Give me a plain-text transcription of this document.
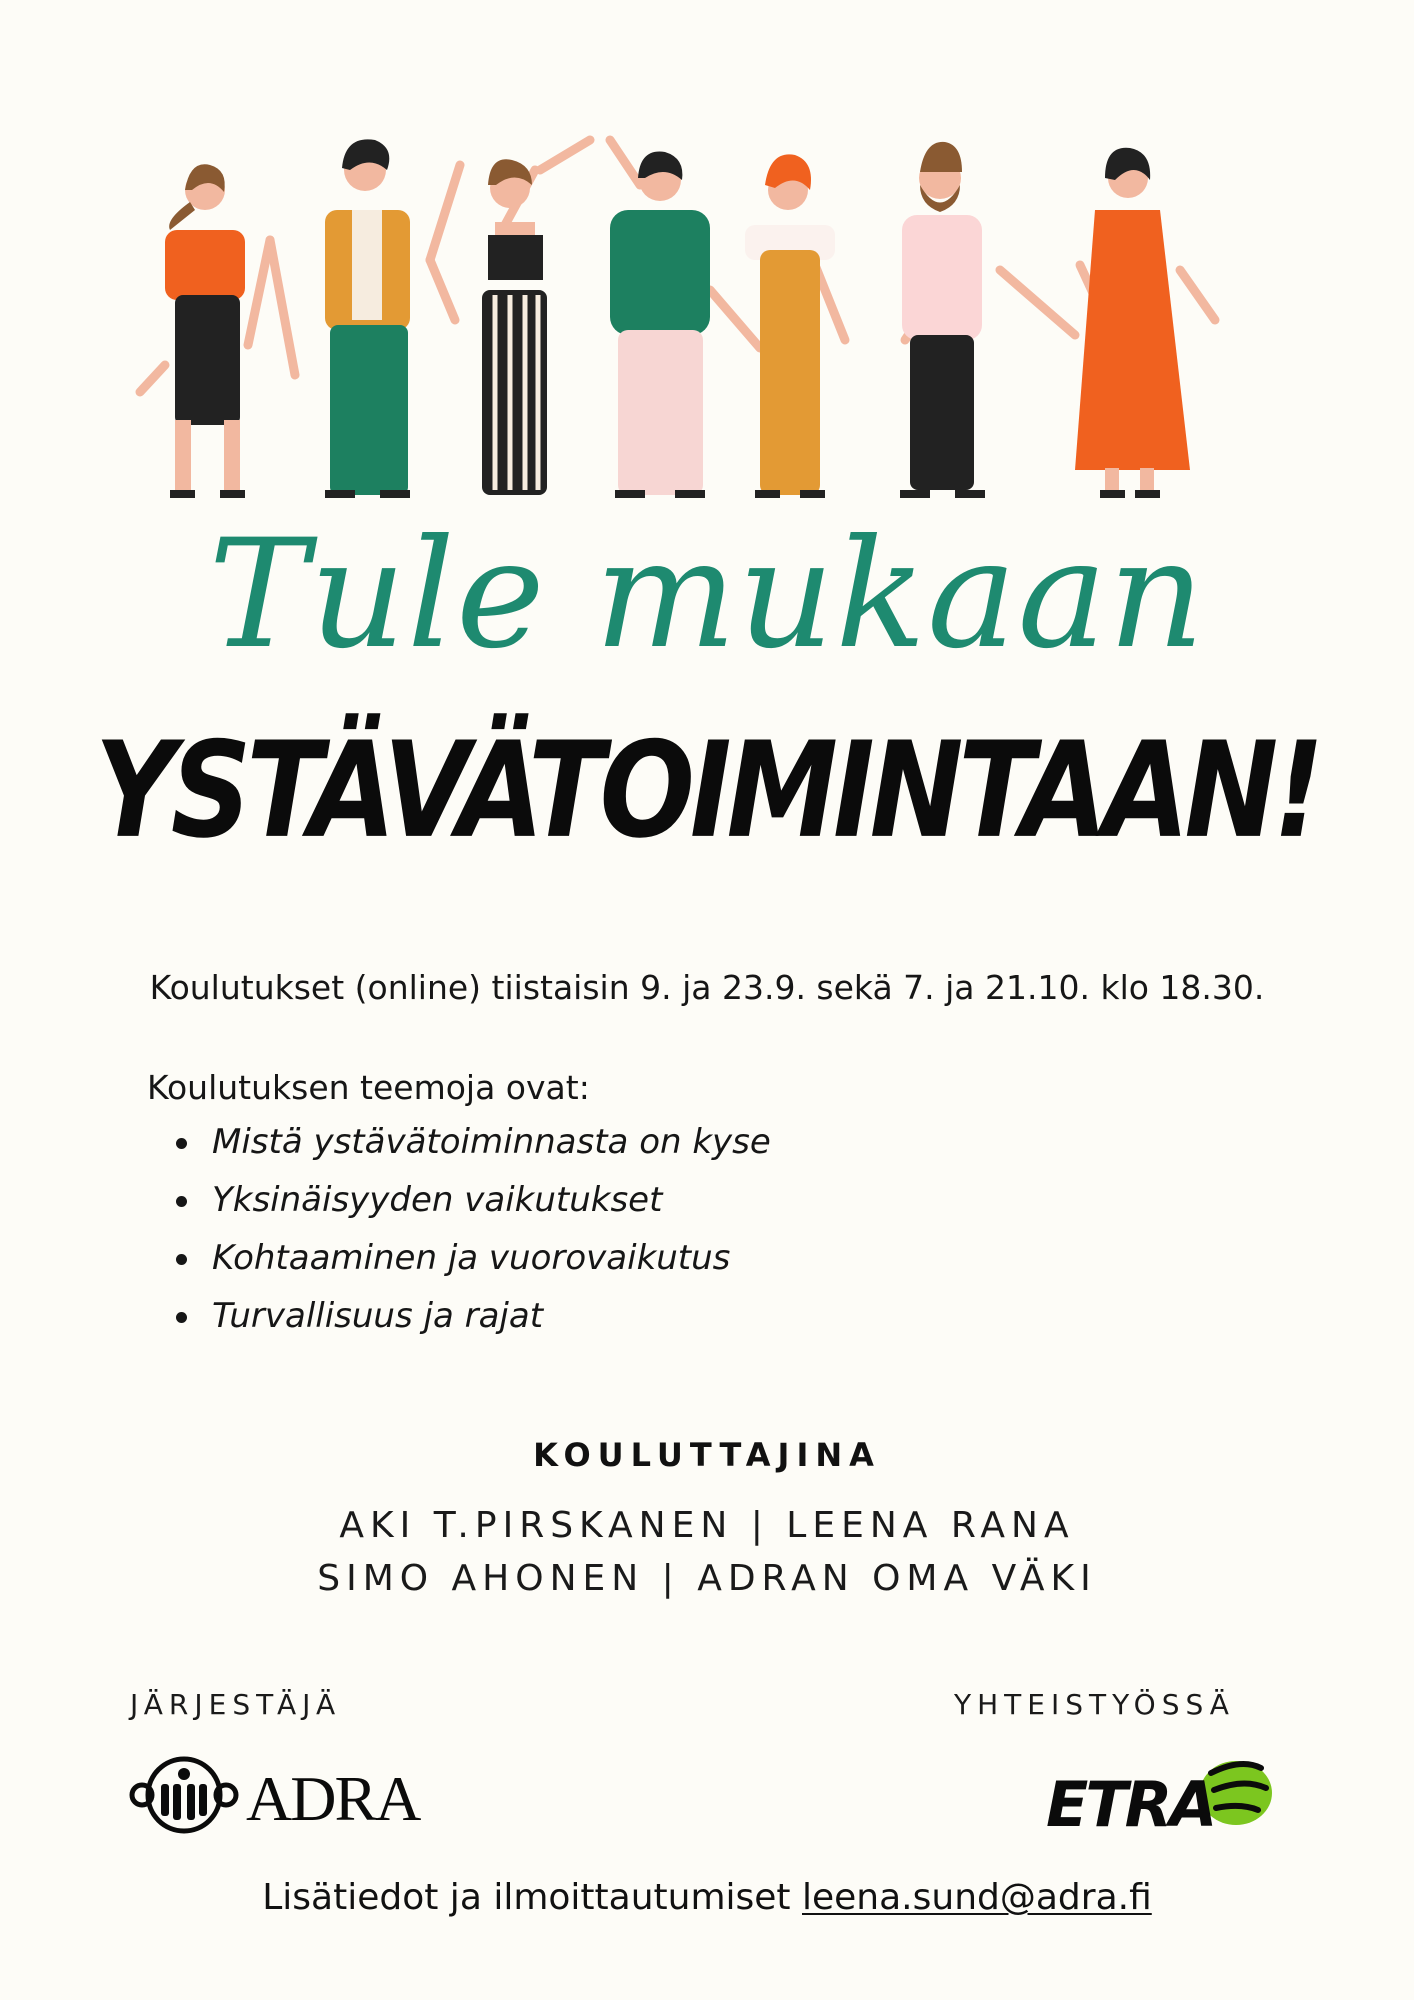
Tule mukaan
YSTÄVÄTOIMINTAAN!
Koulutukset (online) tiistaisin 9. ja 23.9. sekä 7. ja 21.10. klo 18.30.
Koulutuksen teemoja ovat:
Mistä ystävätoiminnasta on kyse
Yksinäisyyden vaikutukset
Kohtaaminen ja vuorovaikutus
Turvallisuus ja rajat
KOULUTTAJINA
AKI T.PIRSKANEN | LEENA RANA
SIMO AHONEN | ADRAN OMA VÄKI
JÄRJESTÄJÄ	YHTEISTYÖSSÄ
ADRA	ETRA
Lisätiedot ja ilmoittautumiset leena.sund@adra.fi
